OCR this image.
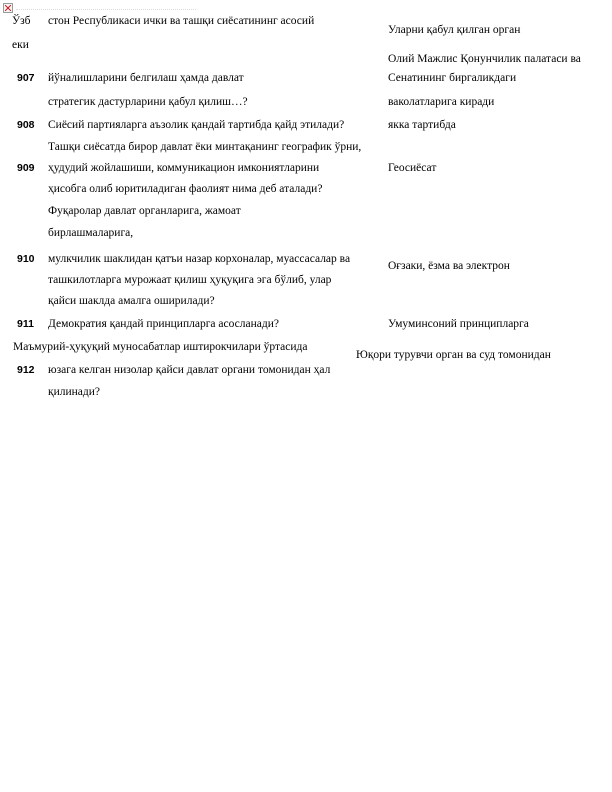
Ўзб
еки
стон Республикаси ички ва ташқи сиёсатининг асосий
Уларни қабул қилган орган
Олий Мажлис Қонунчилик палатаси ва
907 йўналишларини белгилаш ҳамда давлат
стратегик дастурларини қабул қилиш…?
Сенатининг биргаликдаги
ваколатларига киради
908 Сиёсий партияларга аъзолик қандай тартибда қайд этилади?	якка тартибда
909
Ташқи сиёсатда бирор давлат ёки минтақанинг географик ўрни,
ҳудудий жойлашиши, коммуникацион имкониятларини
ҳисобга олиб юритиладиган фаолият нима деб аталади?
Фуқаролар давлат органларига, жамоат
бирлашмаларига,
Геосиёсат
910 мулкчилик шаклидан қатъи назар корхоналар, муассасалар ва
ташкилотларга мурожаат қилиш ҳуқуқига эга бўлиб, улар
қайси шаклда амалга оширилади?
Оғзаки, ёзма ва электрон
911 Демократия қандай принципларга асосланади?	Умуминсоний принципларга
Маъмурий-ҳуқуқий муносабатлар иштирокчилари ўртасида
912 юзага келган низолар қайси давлат органи томонидан ҳал
қилинади?
Юқори турувчи орган ва суд томонидан
